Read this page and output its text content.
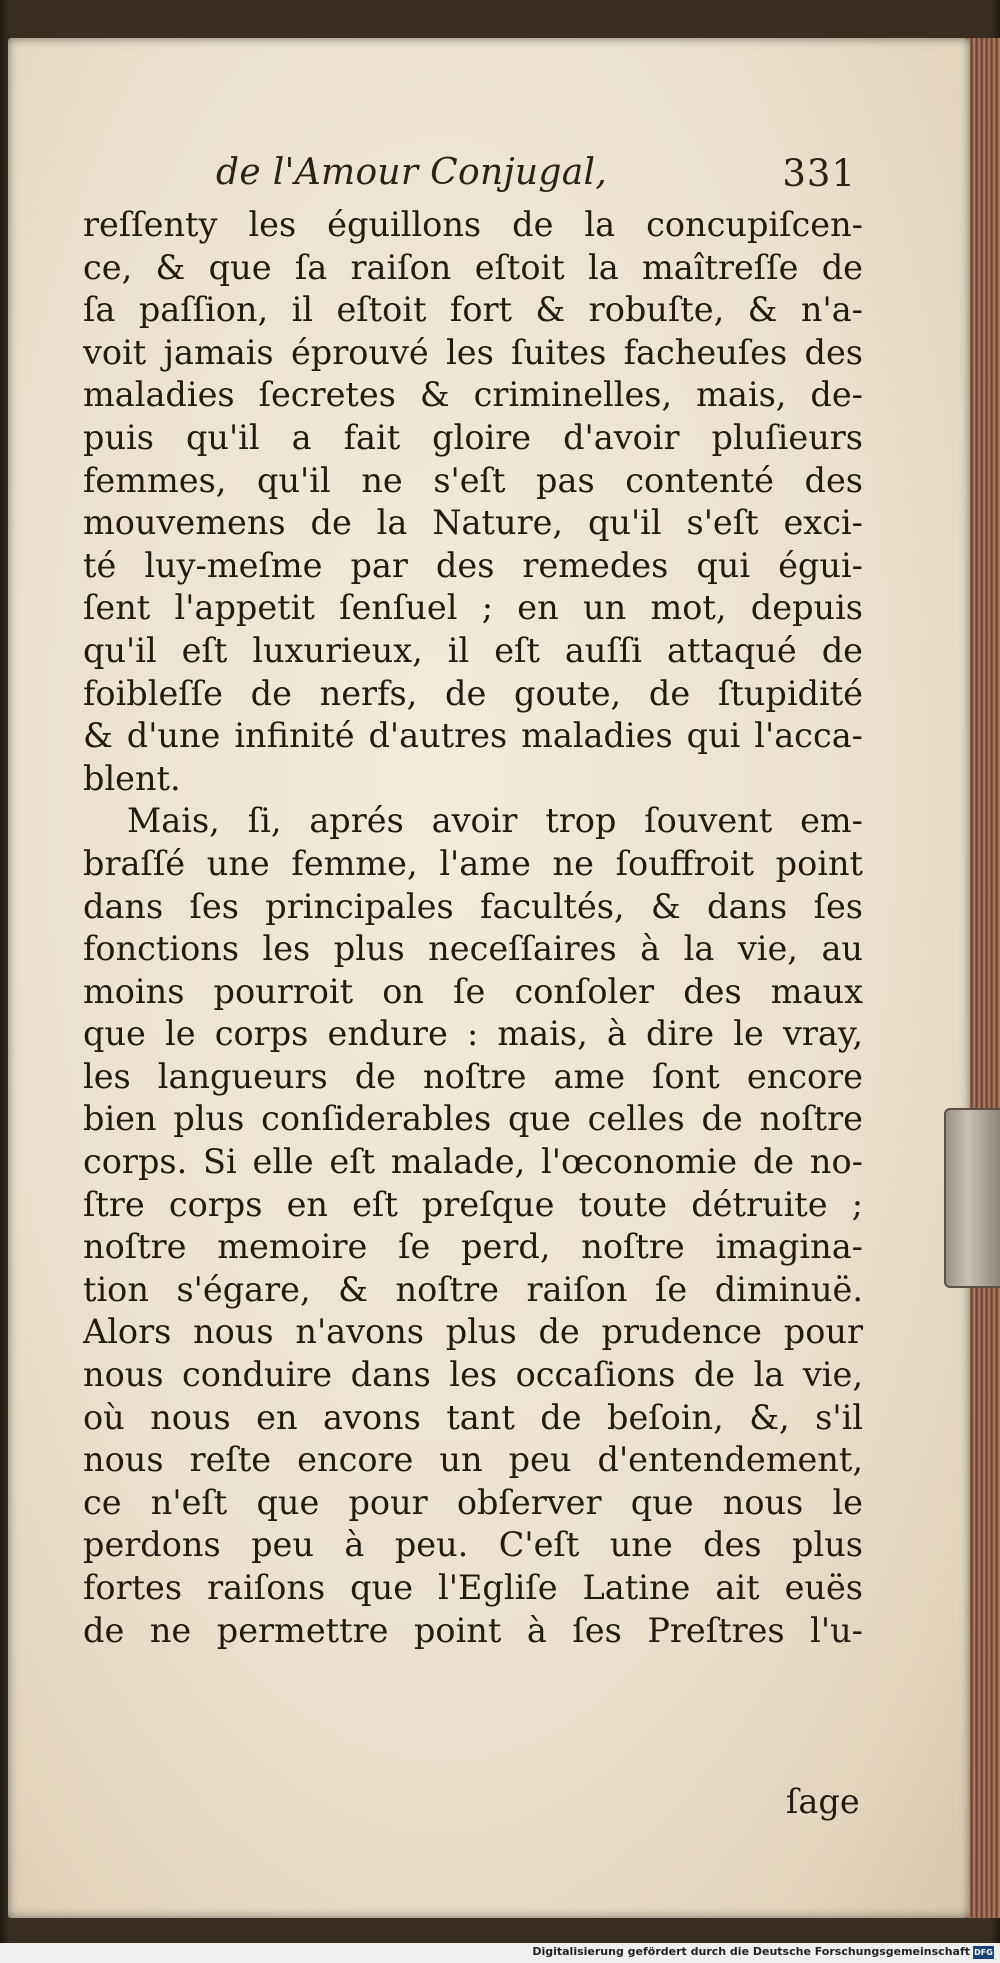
de l'Amour Conjugal,	331
reſſenty les éguillons de la concupiſcen-
ce, & que ſa raiſon eſtoit la maîtreſſe de
ſa paſſion, il eſtoit fort & robuſte, & n'a-
voit jamais éprouvé les ſuites facheuſes des
maladies ſecretes & criminelles, mais, de-
puis qu'il a fait gloire d'avoir pluſieurs
femmes, qu'il ne s'eſt pas contenté des
mouvemens de la Nature, qu'il s'eſt exci-
té luy-meſme par des remedes qui égui-
ſent l'appetit ſenſuel ; en un mot, depuis
qu'il eſt luxurieux, il eſt auſſi attaqué de
foibleſſe de nerfs, de goute, de ſtupidité
& d'une infinité d'autres maladies qui l'acca-
blent.
Mais, ſi, aprés avoir trop ſouvent em-
braſſé une femme, l'ame ne ſouffroit point
dans ſes principales facultés, & dans ſes
fonctions les plus neceſſaires à la vie, au
moins pourroit on ſe conſoler des maux
que le corps endure : mais, à dire le vray,
les langueurs de noſtre ame ſont encore
bien plus conſiderables que celles de noſtre
corps. Si elle eſt malade, l'œconomie de no-
ſtre corps en eſt preſque toute détruite ;
noſtre memoire ſe perd, noſtre imagina-
tion s'égare, & noſtre raiſon ſe diminuë.
Alors nous n'avons plus de prudence pour
nous conduire dans les occaſions de la vie,
où nous en avons tant de beſoin, &, s'il
nous reſte encore un peu d'entendement,
ce n'eſt que pour obſerver que nous le
perdons peu à peu. C'eſt une des plus
fortes raiſons que l'Egliſe Latine ait euës
de ne permettre point à ſes Preſtres l'u-
ſage
Digitalisierung gefördert durch die Deutsche Forschungsgemeinschaft DFG
